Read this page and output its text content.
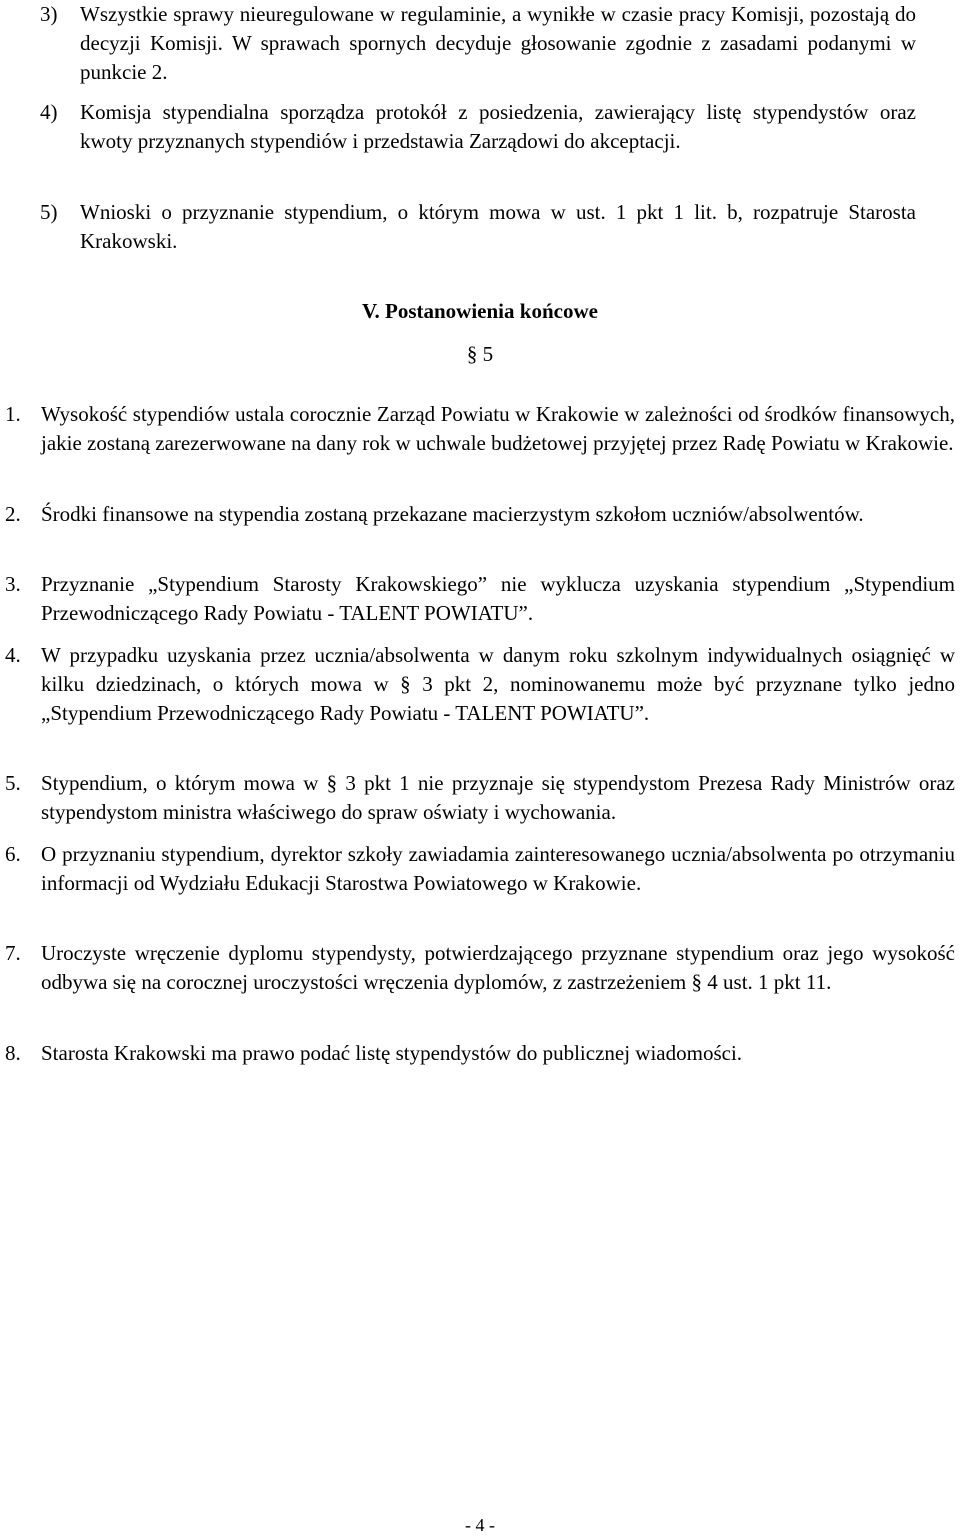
3) Wszystkie sprawy nieuregulowane w regulaminie, a wynikłe w czasie pracy Komisji, pozostają do decyzji Komisji. W sprawach spornych decyduje głosowanie zgodnie z zasadami podanymi w punkcie 2.
4) Komisja stypendialna sporządza protokół z posiedzenia, zawierający listę stypendystów oraz kwoty przyznanych stypendiów i przedstawia Zarządowi do akceptacji.
5) Wnioski o przyznanie stypendium, o którym mowa w ust. 1 pkt 1 lit. b, rozpatruje Starosta Krakowski.
V. Postanowienia końcowe
§ 5
1. Wysokość stypendiów ustala corocznie Zarząd Powiatu w Krakowie w zależności od środków finansowych, jakie zostaną zarezerwowane na dany rok w uchwale budżetowej przyjętej przez Radę Powiatu w Krakowie.
2. Środki finansowe na stypendia zostaną przekazane macierzystym szkołom uczniów/absolwentów.
3. Przyznanie „Stypendium Starosty Krakowskiego” nie wyklucza uzyskania stypendium „Stypendium Przewodniczącego Rady Powiatu - TALENT POWIATU”.
4. W przypadku uzyskania przez ucznia/absolwenta w danym roku szkolnym indywidualnych osiągnięć w kilku dziedzinach, o których mowa w § 3 pkt 2, nominowanemu może być przyznane tylko jedno „Stypendium Przewodniczącego Rady Powiatu - TALENT POWIATU”.
5. Stypendium, o którym mowa w § 3 pkt 1 nie przyznaje się stypendystom Prezesa Rady Ministrów oraz stypendystom ministra właściwego do spraw oświaty i wychowania.
6. O przyznaniu stypendium, dyrektor szkoły zawiadamia zainteresowanego ucznia/absolwenta po otrzymaniu informacji od Wydziału Edukacji Starostwa Powiatowego w Krakowie.
7. Uroczyste wręczenie dyplomu stypendysty, potwierdzającego przyznane stypendium oraz jego wysokość odbywa się na corocznej uroczystości wręczenia dyplomów, z zastrzeżeniem § 4 ust. 1 pkt 11.
8. Starosta Krakowski ma prawo podać listę stypendystów do publicznej wiadomości.
- 4 -
